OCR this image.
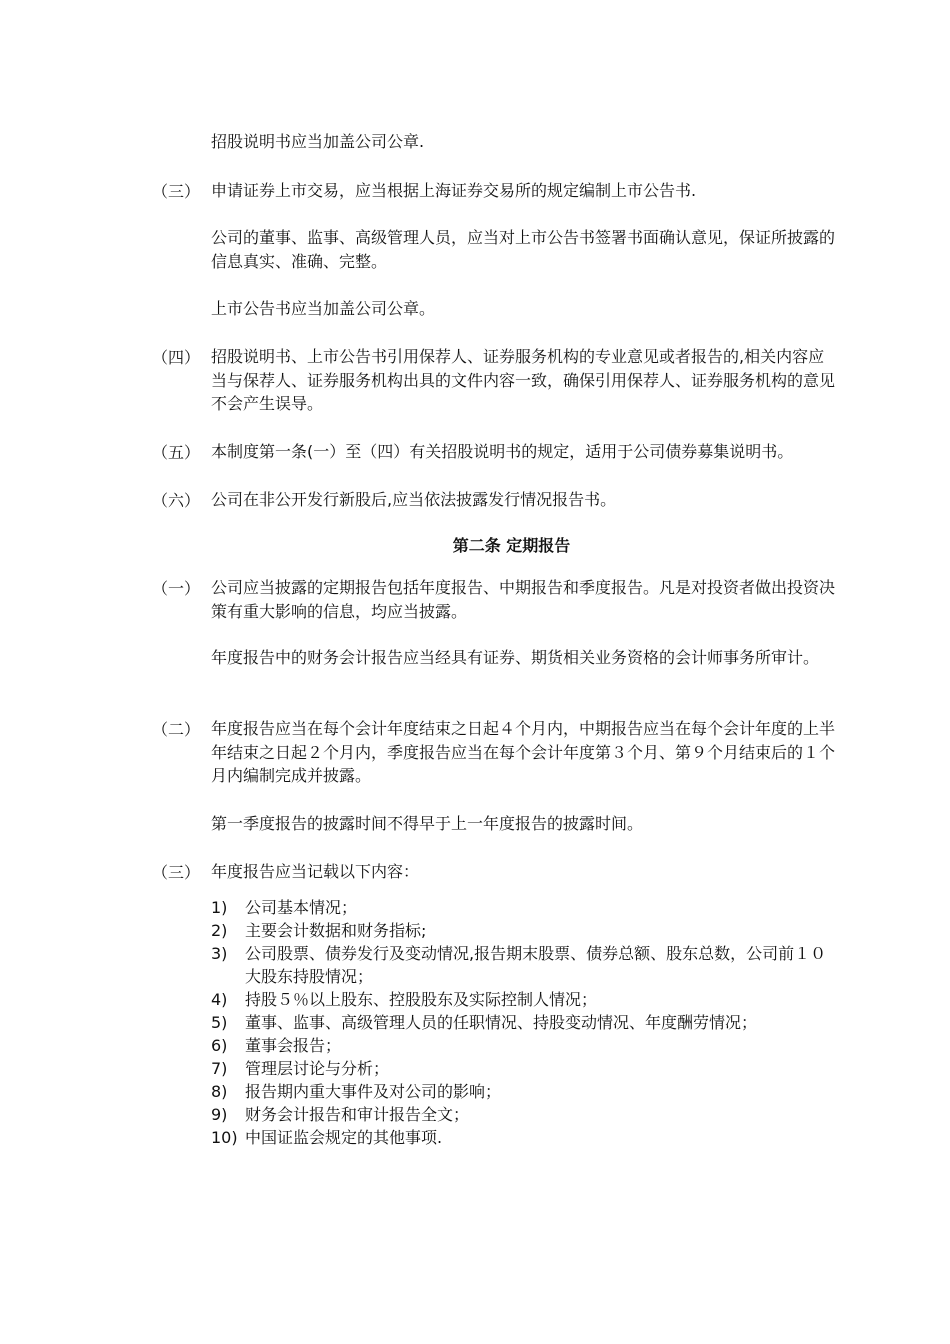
招股说明书应当加盖公司公章.
（三） 申请证券上市交易，应当根据上海证券交易所的规定编制上市公告书.
公司的董事、监事、高级管理人员，应当对上市公告书签署书面确认意见，保证所披露的信息真实、准确、完整。
上市公告书应当加盖公司公章。
（四） 招股说明书、上市公告书引用保荐人、证券服务机构的专业意见或者报告的,相关内容应当与保荐人、证券服务机构出具的文件内容一致，确保引用保荐人、证券服务机构的意见不会产生误导。
（五） 本制度第一条(一）至（四）有关招股说明书的规定，适用于公司债券募集说明书。
（六） 公司在非公开发行新股后,应当依法披露发行情况报告书。
第二条 定期报告
（一） 公司应当披露的定期报告包括年度报告、中期报告和季度报告。凡是对投资者做出投资决策有重大影响的信息，均应当披露。
年度报告中的财务会计报告应当经具有证券、期货相关业务资格的会计师事务所审计。
（二） 年度报告应当在每个会计年度结束之日起４个月内，中期报告应当在每个会计年度的上半年结束之日起２个月内，季度报告应当在每个会计年度第３个月、第９个月结束后的１个月内编制完成并披露。
第一季度报告的披露时间不得早于上一年度报告的披露时间。
（三） 年度报告应当记载以下内容：
1) 公司基本情况；
2) 主要会计数据和财务指标;
3) 公司股票、债券发行及变动情况,报告期末股票、债券总额、股东总数，公司前１０大股东持股情况；
4) 持股５％以上股东、控股股东及实际控制人情况；
5) 董事、监事、高级管理人员的任职情况、持股变动情况、年度酬劳情况；
6) 董事会报告；
7) 管理层讨论与分析；
8) 报告期内重大事件及对公司的影响；
9) 财务会计报告和审计报告全文；
10) 中国证监会规定的其他事项.
